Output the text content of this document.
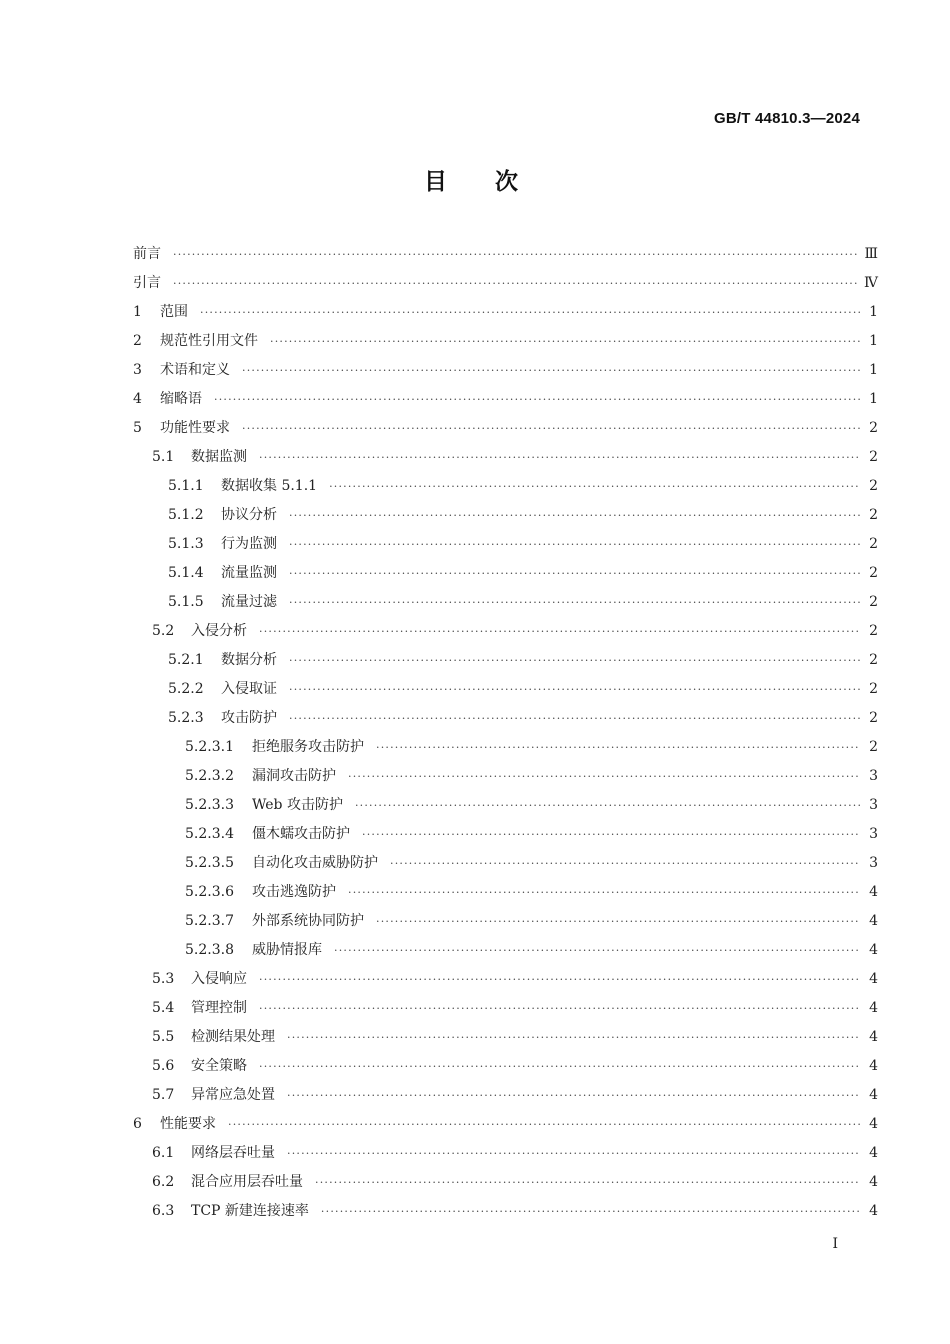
GB/T 44810.3—2024
目次
前言 ·····	Ⅲ
引言 ·····	Ⅳ
1	范围 ·····	1
2	规范性引用文件 ·····	1
3	术语和定义 ·····	1
4	缩略语 ·····	1
5	功能性要求 ·····	2
5.1	数据监测 ·····	2
5.1.1	数据收集 5.1.1 ·····	2
5.1.2	协议分析 ·····	2
5.1.3	行为监测 ·····	2
5.1.4	流量监测 ·····	2
5.1.5	流量过滤 ·····	2
5.2	入侵分析 ·····	2
5.2.1	数据分析 ·····	2
5.2.2	入侵取证 ·····	2
5.2.3	攻击防护 ·····	2
5.2.3.1	拒绝服务攻击防护 ·····	2
5.2.3.2	漏洞攻击防护 ·····	3
5.2.3.3	Web 攻击防护 ·····	3
5.2.3.4	僵木蠕攻击防护 ·····	3
5.2.3.5	自动化攻击威胁防护 ·····	3
5.2.3.6	攻击逃逸防护 ·····	4
5.2.3.7	外部系统协同防护 ·····	4
5.2.3.8	威胁情报库 ·····	4
5.3	入侵响应 ·····	4
5.4	管理控制 ·····	4
5.5	检测结果处理 ·····	4
5.6	安全策略 ·····	4
5.7	异常应急处置 ·····	4
6	性能要求 ·····	4
6.1	网络层吞吐量 ·····	4
6.2	混合应用层吞吐量 ·····	4
6.3	TCP 新建连接速率 ·····	4
Ⅰ
